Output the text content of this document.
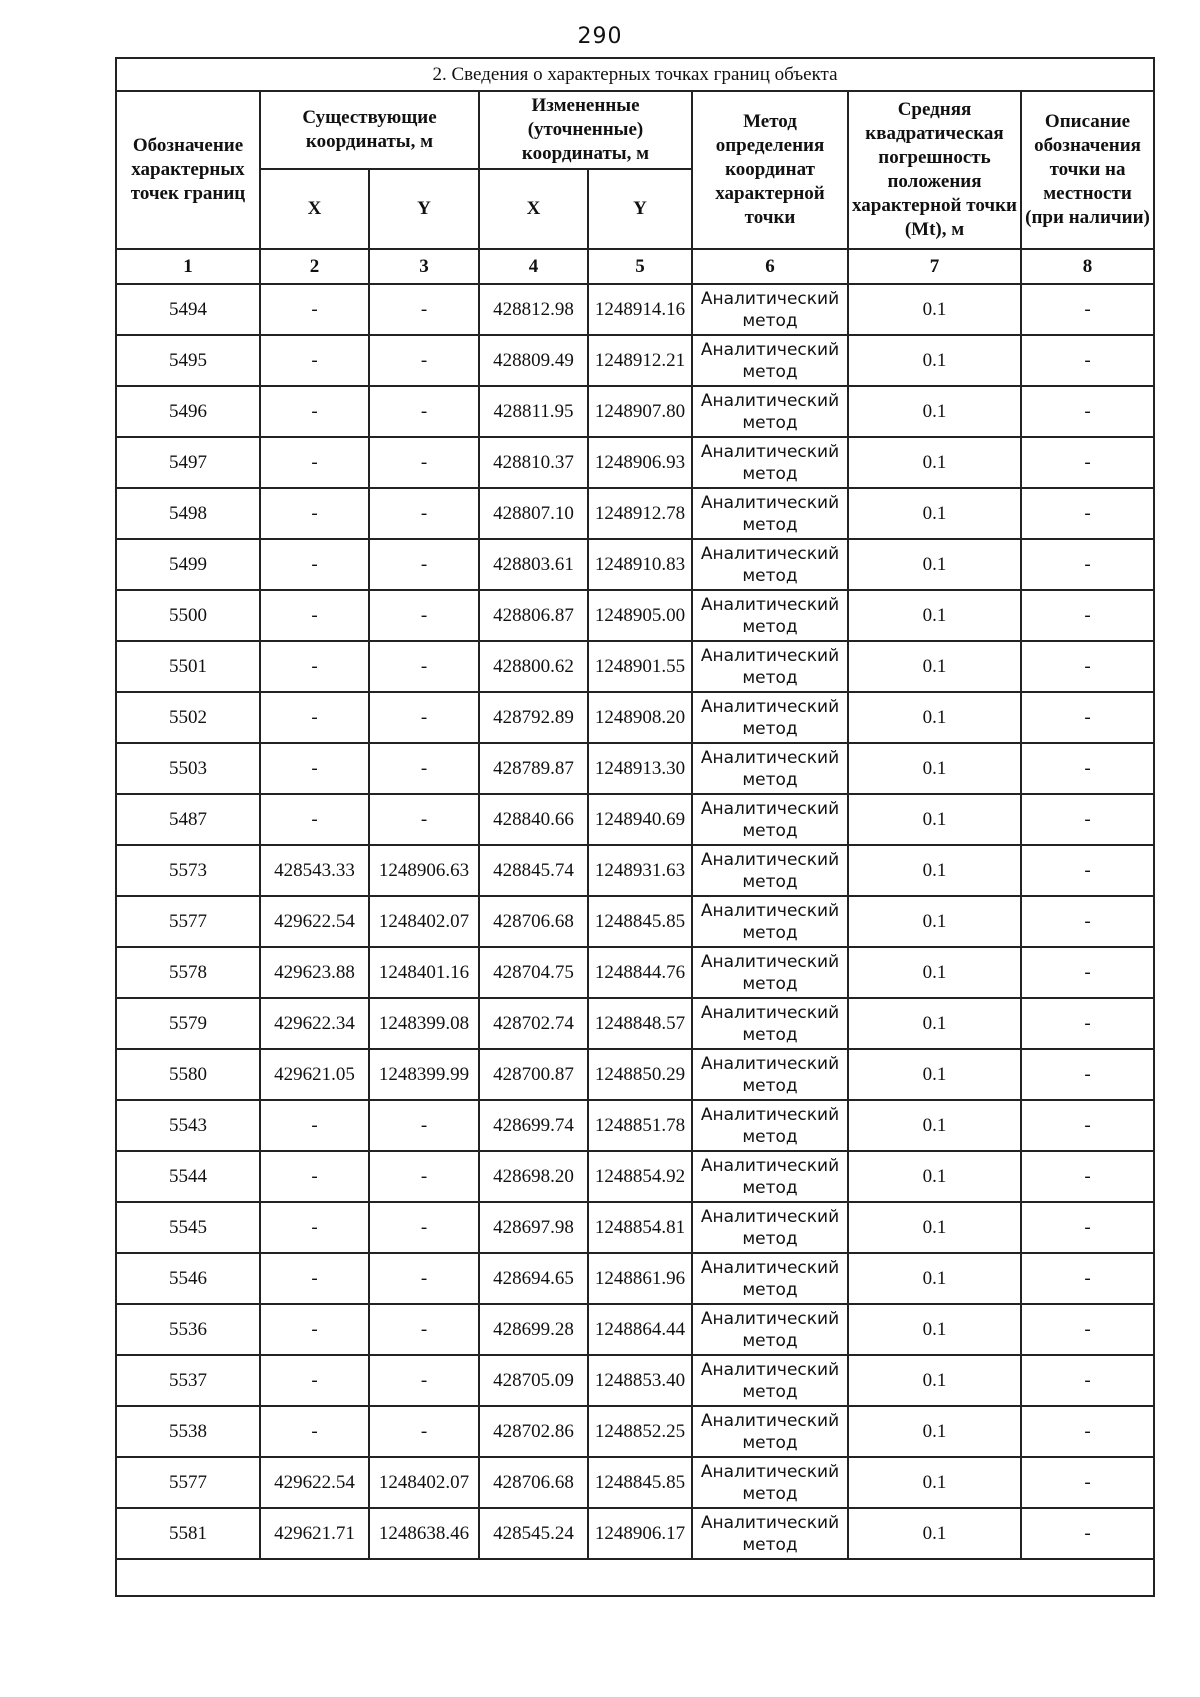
290
2. Сведения о характерных точках границ объекта							
Обозначение характерных точек границ	Существующие координаты, м		Измененные (уточненные) координаты, м		Метод определения координат характерной точки	Средняя квадратическая погрешность положения характерной точки (Mt), м	Описание обозначения точки на местности (при наличии)
	X	Y	X	Y			
1	2	3	4	5	6	7	8
5494	-	-	428812.98	1248914.16	Аналитический метод	0.1	-
5495	-	-	428809.49	1248912.21	Аналитический метод	0.1	-
5496	-	-	428811.95	1248907.80	Аналитический метод	0.1	-
5497	-	-	428810.37	1248906.93	Аналитический метод	0.1	-
5498	-	-	428807.10	1248912.78	Аналитический метод	0.1	-
5499	-	-	428803.61	1248910.83	Аналитический метод	0.1	-
5500	-	-	428806.87	1248905.00	Аналитический метод	0.1	-
5501	-	-	428800.62	1248901.55	Аналитический метод	0.1	-
5502	-	-	428792.89	1248908.20	Аналитический метод	0.1	-
5503	-	-	428789.87	1248913.30	Аналитический метод	0.1	-
5487	-	-	428840.66	1248940.69	Аналитический метод	0.1	-
5573	428543.33	1248906.63	428845.74	1248931.63	Аналитический метод	0.1	-
5577	429622.54	1248402.07	428706.68	1248845.85	Аналитический метод	0.1	-
5578	429623.88	1248401.16	428704.75	1248844.76	Аналитический метод	0.1	-
5579	429622.34	1248399.08	428702.74	1248848.57	Аналитический метод	0.1	-
5580	429621.05	1248399.99	428700.87	1248850.29	Аналитический метод	0.1	-
5543	-	-	428699.74	1248851.78	Аналитический метод	0.1	-
5544	-	-	428698.20	1248854.92	Аналитический метод	0.1	-
5545	-	-	428697.98	1248854.81	Аналитический метод	0.1	-
5546	-	-	428694.65	1248861.96	Аналитический метод	0.1	-
5536	-	-	428699.28	1248864.44	Аналитический метод	0.1	-
5537	-	-	428705.09	1248853.40	Аналитический метод	0.1	-
5538	-	-	428702.86	1248852.25	Аналитический метод	0.1	-
5577	429622.54	1248402.07	428706.68	1248845.85	Аналитический метод	0.1	-
5581	429621.71	1248638.46	428545.24	1248906.17	Аналитический метод	0.1	-
